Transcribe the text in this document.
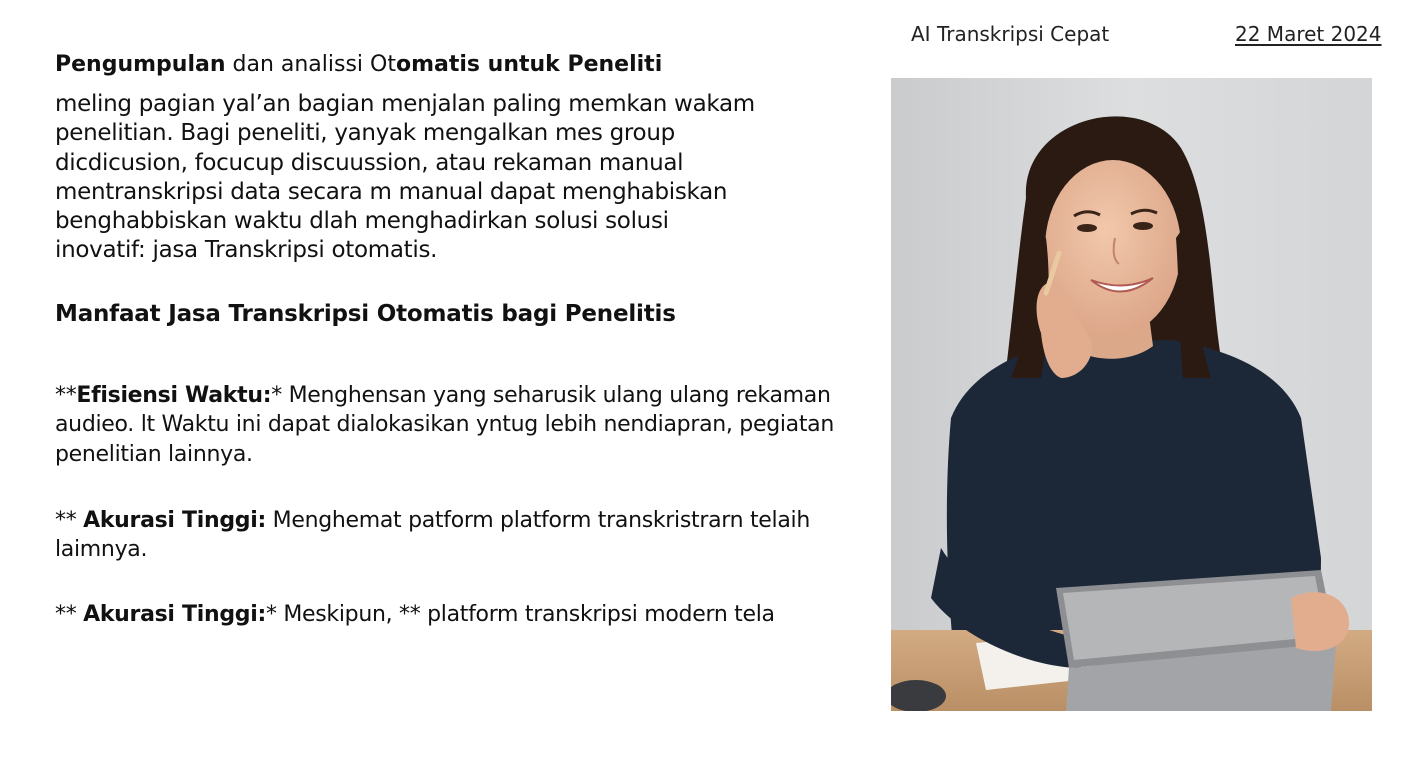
AI Transkripsi Cepat	22 Maret 2024

Pengumpulan dan analissi Otomatis untuk Peneliti

meling pagian yal’an bagian menjalan paling memkan wakam

penelitian. Bagi peneliti, yanyak mengalkan mes group

dicdicusion, focucup discuussion, atau rekaman manual

mentranskripsi data secara m manual dapat menghabiskan

benghabbiskan waktu dlah menghadirkan solusi solusi

inovatif: jasa Transkripsi otomatis.

Manfaat Jasa Transkripsi Otomatis bagi Penelitis

**Efisiensi Waktu:* Menghensan yang seharusik ulang ulang rekaman

audieo. lt Waktu ini dapat dialokasikan yntug lebih nendiapran, pegiatan

penelitian lainnya.

** Akurasi Tinggi: Menghemat patform platform transkristrarn telaih

laimnya.

** Akurasi Tinggi:* Meskipun, ** platform transkripsi modern tela
